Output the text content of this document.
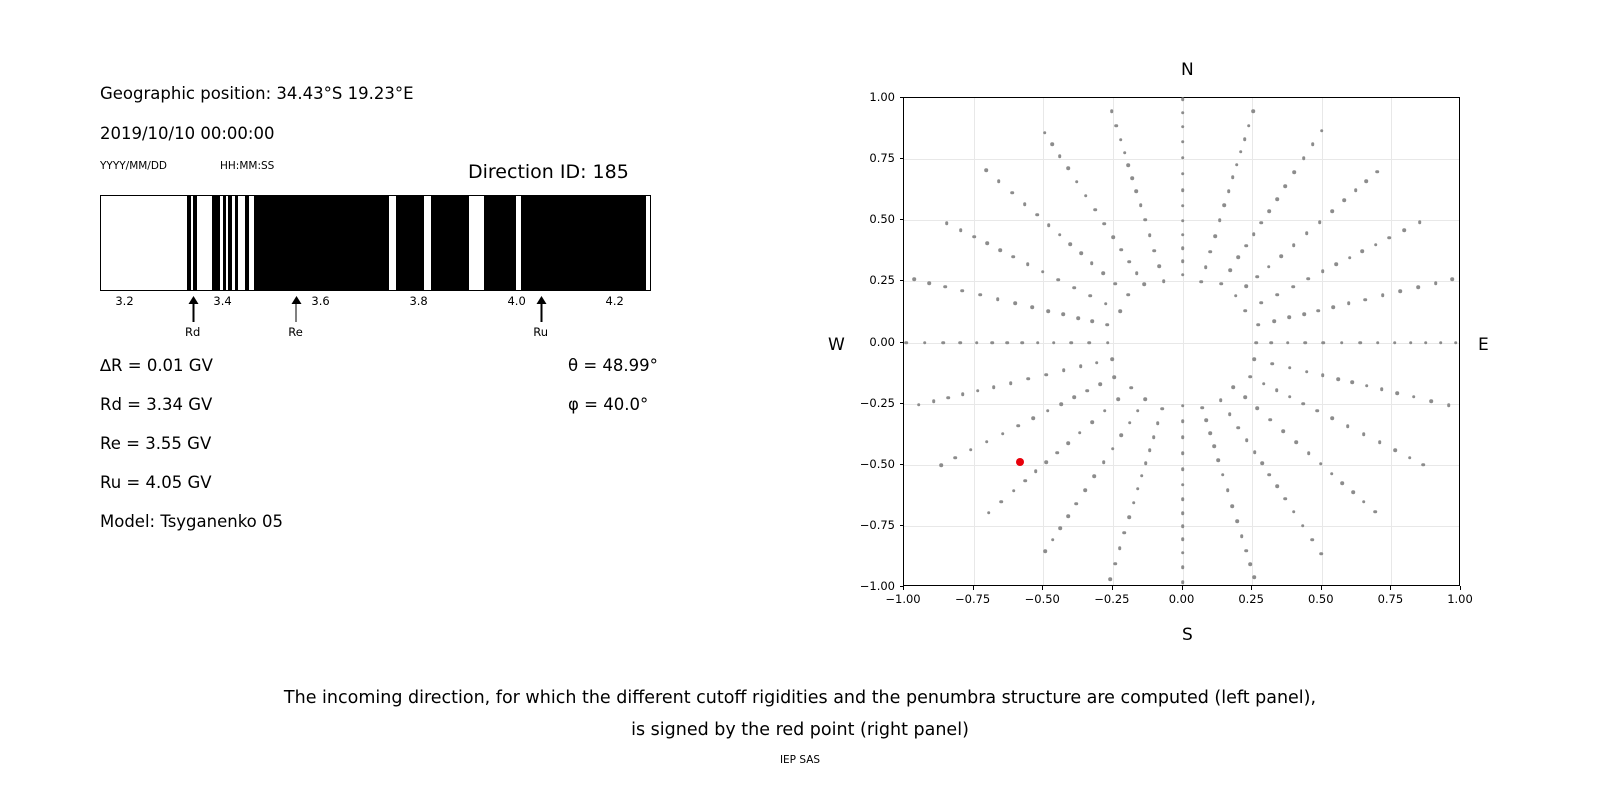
Geographic position: 34.43°S 19.23°E
2019/10/10 00:00:00
YYYY/MM/DD	HH:MM:SS	Direction ID: 185
3.2	3.4	3.6	3.8	4.0	4.2
Rd	Re	Ru
∆R = 0.01 GV
Rd = 3.34 GV
Re = 3.55 GV
Ru = 4.05 GV
Model: Tsyganenko 05
θ = 48.99°
φ = 40.0°
N
S
W	E
−1.00	−0.75	−0.50	−0.25	0.00	0.25	0.50	0.75	1.00
−1.00
−0.75
−0.50
−0.25
0.00
0.25
0.50
0.75
1.00
The incoming direction, for which the different cutoff rigidities and the penumbra structure are computed (left panel),
is signed by the red point (right panel)
IEP SAS
